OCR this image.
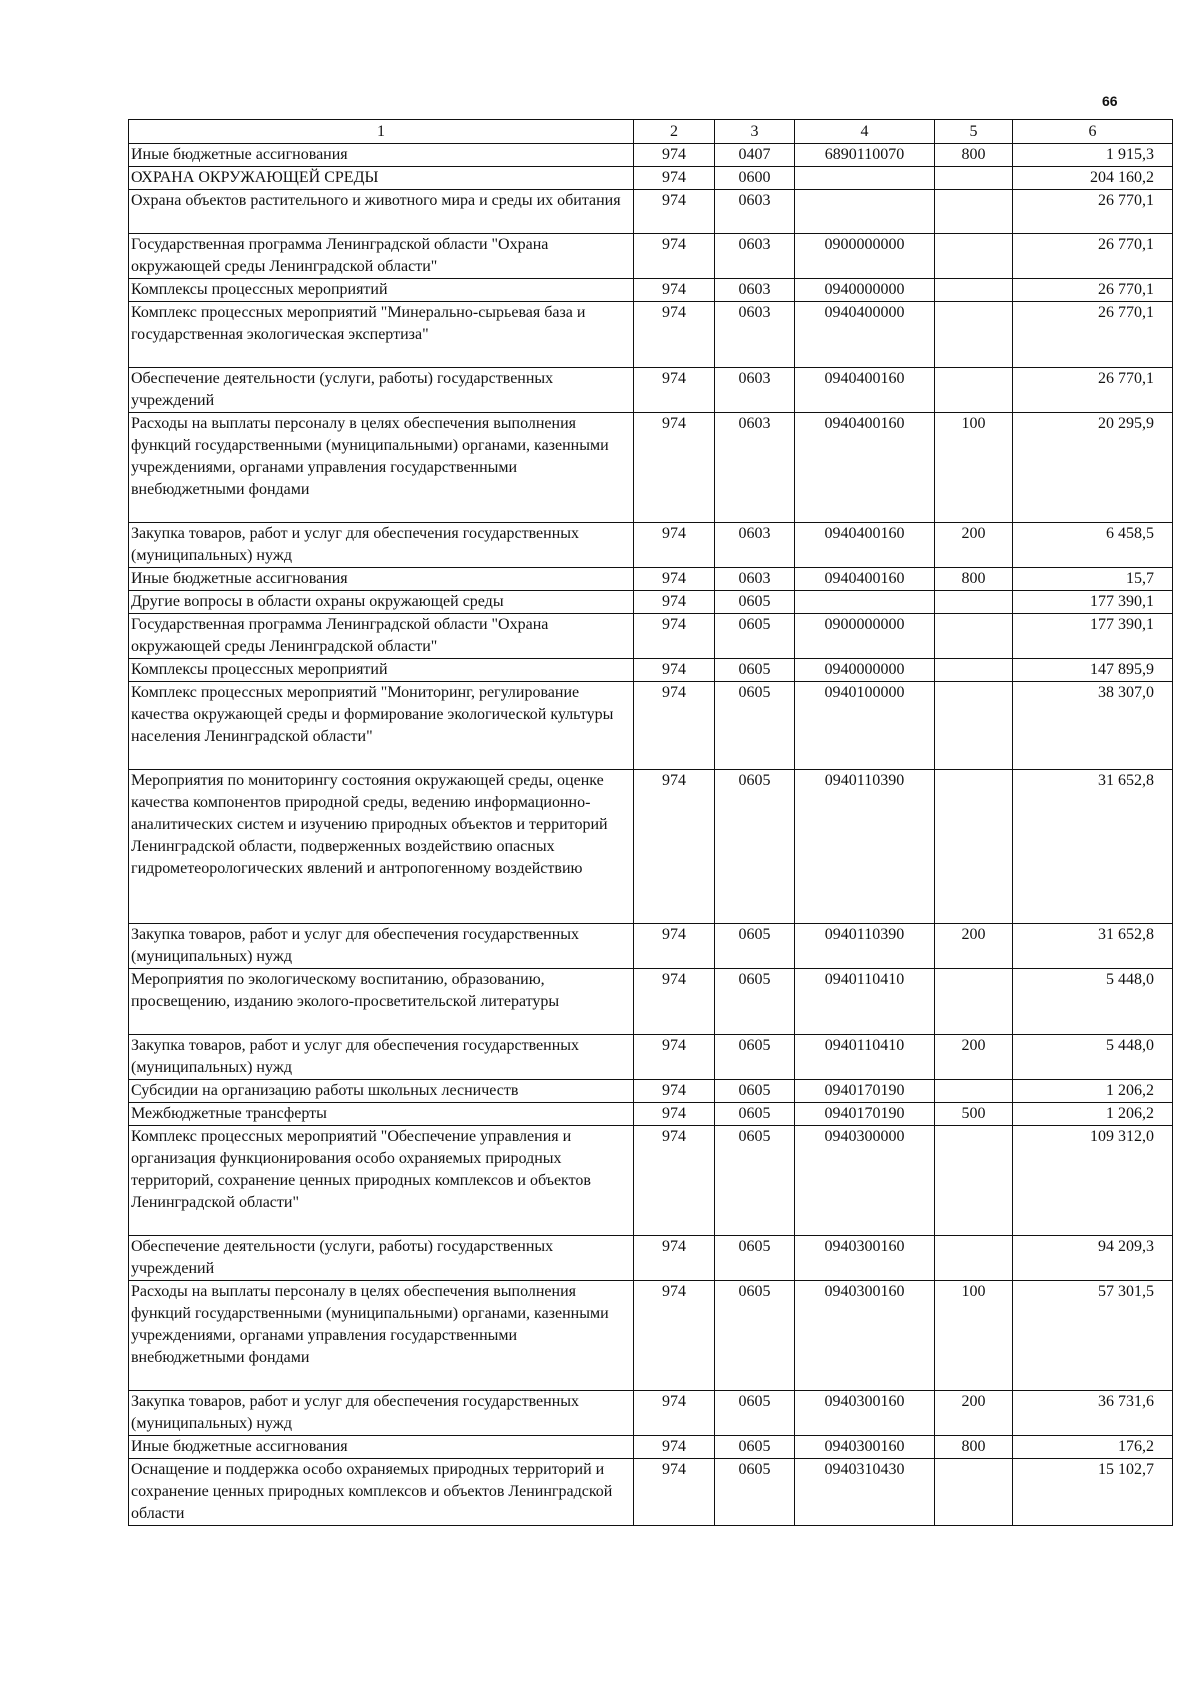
66
1	2	3	4	5	6
Иные бюджетные ассигнования	974	0407	6890110070	800	1 915,3
ОХРАНА ОКРУЖАЮЩЕЙ СРЕДЫ	974	0600			204 160,2
Охрана объектов растительного и животного мира и среды их обитания	974	0603			26 770,1
Государственная программа Ленинградской области "Охрана окружающей среды Ленинградской области"	974	0603	0900000000		26 770,1
Комплексы процессных мероприятий	974	0603	0940000000		26 770,1
Комплекс процессных мероприятий "Минерально-сырьевая база и государственная экологическая экспертиза"	974	0603	0940400000		26 770,1
Обеспечение деятельности (услуги, работы) государственных учреждений	974	0603	0940400160		26 770,1
Расходы на выплаты персоналу в целях обеспечения выполнения функций государственными (муниципальными) органами, казенными учреждениями, органами управления государственными внебюджетными фондами	974	0603	0940400160	100	20 295,9
Закупка товаров, работ и услуг для обеспечения государственных (муниципальных) нужд	974	0603	0940400160	200	6 458,5
Иные бюджетные ассигнования	974	0603	0940400160	800	15,7
Другие вопросы в области охраны окружающей среды	974	0605			177 390,1
Государственная программа Ленинградской области "Охрана окружающей среды Ленинградской области"	974	0605	0900000000		177 390,1
Комплексы процессных мероприятий	974	0605	0940000000		147 895,9
Комплекс процессных мероприятий "Мониторинг, регулирование качества окружающей среды и формирование экологической культуры населения Ленинградской области"	974	0605	0940100000		38 307,0
Мероприятия по мониторингу состояния окружающей среды, оценке качества компонентов природной среды, ведению информационно-аналитических систем и изучению природных объектов и территорий Ленинградской области, подверженных воздействию опасных гидрометеорологических явлений и антропогенному воздействию	974	0605	0940110390		31 652,8
Закупка товаров, работ и услуг для обеспечения государственных (муниципальных) нужд	974	0605	0940110390	200	31 652,8
Мероприятия по экологическому воспитанию, образованию, просвещению, изданию эколого-просветительской литературы	974	0605	0940110410		5 448,0
Закупка товаров, работ и услуг для обеспечения государственных (муниципальных) нужд	974	0605	0940110410	200	5 448,0
Субсидии на организацию работы школьных лесничеств	974	0605	0940170190		1 206,2
Межбюджетные трансферты	974	0605	0940170190	500	1 206,2
Комплекс процессных мероприятий "Обеспечение управления и организация функционирования особо охраняемых природных территорий, сохранение ценных природных комплексов и объектов Ленинградской области"	974	0605	0940300000		109 312,0
Обеспечение деятельности (услуги, работы) государственных учреждений	974	0605	0940300160		94 209,3
Расходы на выплаты персоналу в целях обеспечения выполнения функций государственными (муниципальными) органами, казенными учреждениями, органами управления государственными внебюджетными фондами	974	0605	0940300160	100	57 301,5
Закупка товаров, работ и услуг для обеспечения государственных (муниципальных) нужд	974	0605	0940300160	200	36 731,6
Иные бюджетные ассигнования	974	0605	0940300160	800	176,2
Оснащение и поддержка особо охраняемых природных территорий и сохранение ценных природных комплексов и объектов Ленинградской области	974	0605	0940310430		15 102,7
